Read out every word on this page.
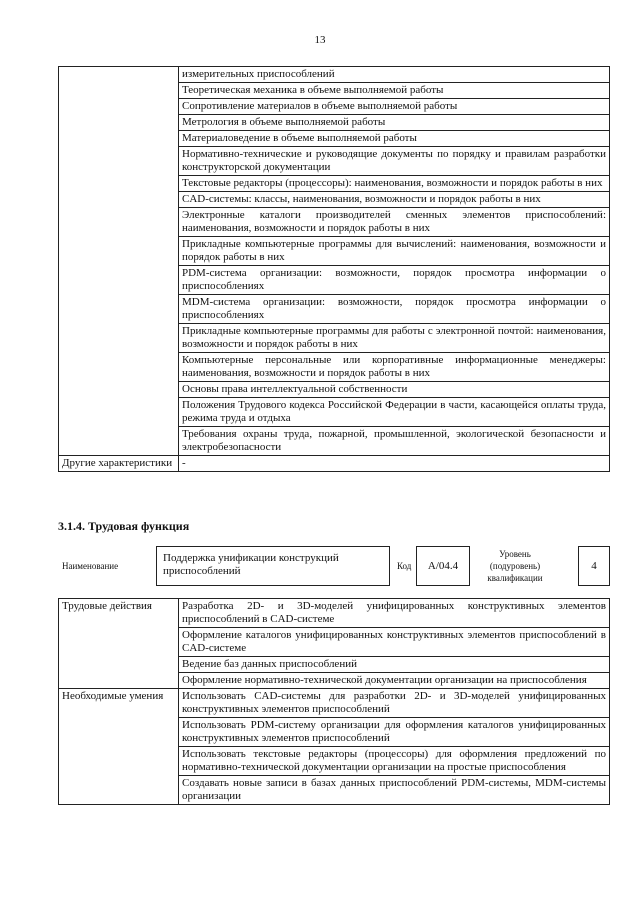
13
	измерительных приспособлений
	Теоретическая механика в объеме выполняемой работы
	Сопротивление материалов в объеме выполняемой работы
	Метрология в объеме выполняемой работы
	Материаловедение в объеме выполняемой работы
	Нормативно-технические и руководящие документы по порядку и правилам разработки конструкторской документации
	Текстовые редакторы (процессоры): наименования, возможности и порядок работы в них
	CAD-системы: классы, наименования, возможности и порядок работы в них
	Электронные каталоги производителей сменных элементов приспособлений: наименования, возможности и порядок работы в них
	Прикладные компьютерные программы для вычислений: наименования, возможности и порядок работы в них
	PDM-система организации: возможности, порядок просмотра информации о приспособлениях
	MDM-система организации: возможности, порядок просмотра информации о приспособлениях
	Прикладные компьютерные программы для работы с электронной почтой: наименования, возможности и порядок работы в них
	Компьютерные персональные или корпоративные информационные менеджеры: наименования, возможности и порядок работы в них
	Основы права интеллектуальной собственности
	Положения Трудового кодекса Российской Федерации в части, касающейся оплаты труда, режима труда и отдыха
	Требования охраны труда, пожарной, промышленной, экологической безопасности и электробезопасности
Другие характеристики	-
3.1.4. Трудовая функция
Наименование
Поддержка унификации конструкций приспособлений	Код	A/04.4
Уровень (подуровень) квалификации
4
Трудовые действия	Разработка 2D- и 3D-моделей унифицированных конструктивных элементов приспособлений в CAD-системе
	Оформление каталогов унифицированных конструктивных элементов приспособлений в CAD-системе
	Ведение баз данных приспособлений
	Оформление нормативно-технической документации организации на приспособления
Необходимые умения	Использовать CAD-системы для разработки 2D- и 3D-моделей унифицированных конструктивных элементов приспособлений
	Использовать PDM-систему организации для оформления каталогов унифицированных конструктивных элементов приспособлений
	Использовать текстовые редакторы (процессоры) для оформления предложений по нормативно-технической документации организации на простые приспособления
	Создавать новые записи в базах данных приспособлений PDM-системы, MDM-системы организации
